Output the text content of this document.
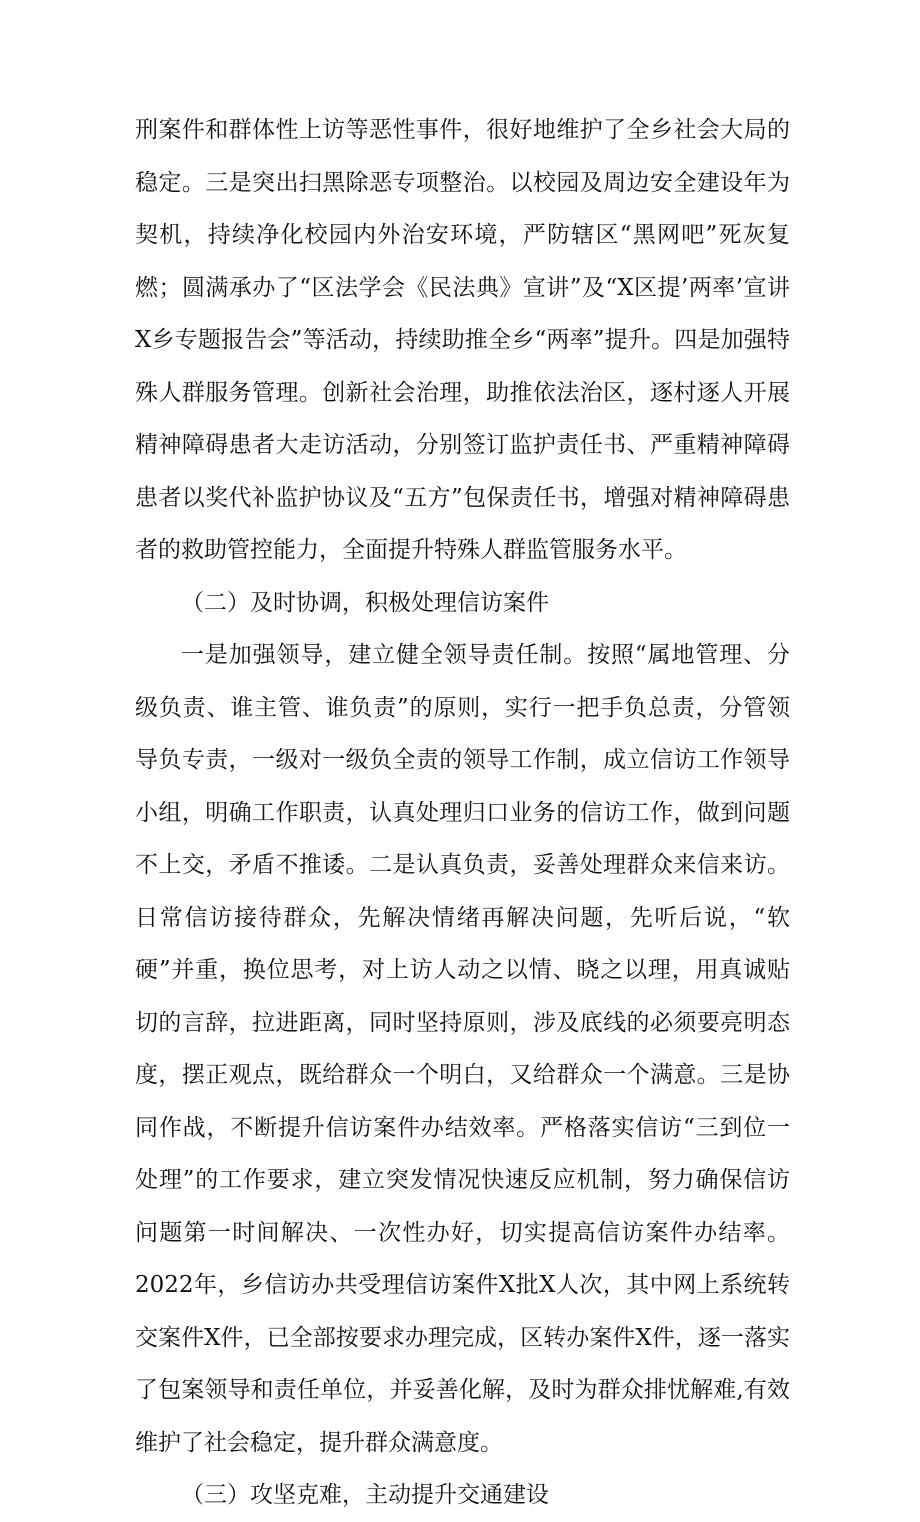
刑案件和群体性上访等恶性事件，很好地维护了全乡社会大局的稳定。三是突出扫黑除恶专项整治。以校园及周边安全建设年为契机，持续净化校园内外治安环境，严防辖区“黑网吧”死灰复燃；圆满承办了“区法学会《民法典》宣讲”及“X区提’两率’宣讲X乡专题报告会”等活动，持续助推全乡“两率”提升。四是加强特殊人群服务管理。创新社会治理，助推依法治区，逐村逐人开展精神障碍患者大走访活动，分别签订监护责任书、严重精神障碍患者以奖代补监护协议及“五方”包保责任书，增强对精神障碍患者的救助管控能力，全面提升特殊人群监管服务水平。

（二）及时协调，积极处理信访案件

一是加强领导，建立健全领导责任制。按照“属地管理、分级负责、谁主管、谁负责”的原则，实行一把手负总责，分管领导负专责，一级对一级负全责的领导工作制，成立信访工作领导小组，明确工作职责，认真处理归口业务的信访工作，做到问题不上交，矛盾不推诿。二是认真负责，妥善处理群众来信来访。日常信访接待群众，先解决情绪再解决问题，先听后说，“软硬”并重，换位思考，对上访人动之以情、晓之以理，用真诚贴切的言辞，拉进距离，同时坚持原则，涉及底线的必须要亮明态度，摆正观点，既给群众一个明白，又给群众一个满意。三是协同作战，不断提升信访案件办结效率。严格落实信访“三到位一处理”的工作要求，建立突发情况快速反应机制，努力确保信访问题第一时间解决、一次性办好，切实提高信访案件办结率。2022年，乡信访办共受理信访案件X批X人次，其中网上系统转交案件X件，已全部按要求办理完成，区转办案件X件，逐一落实了包案领导和责任单位，并妥善化解，及时为群众排忧解难,有效维护了社会稳定，提升群众满意度。

（三）攻坚克难，主动提升交通建设
